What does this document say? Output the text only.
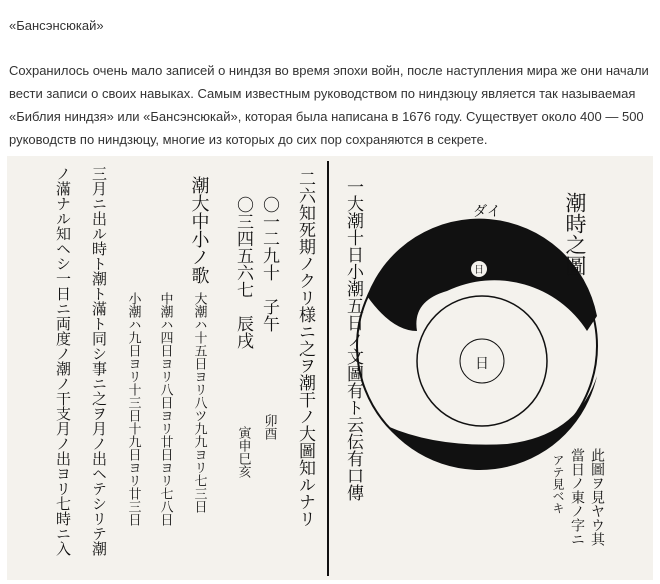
«Бансэнсюкай»
Сохранилось очень мало записей о ниндзя во время эпохи войн, после наступления мира же они начали вести записи о своих навыках. Самым известным руководством по ниндзюцу является так называемая «Библия ниндзя» или «Бансэнсюкай», которая была написана в 1676 году. Существует около 400 — 500 руководств по ниндзюцу, многие из которых до сих пор сохраняются в секрете.
日
日
ダイ	潮時之圖
一大潮十日小潮五日ノ文圖有ト云伝有口傳	此圖ヲ見ヤウ其
當日ノ東ノ字ニ
アテ見ベキ
二六知死期ノクリ様ニ之ヲ潮干ノ大圖知ルナリ
〇一二九十　子午
卯酉
〇三四五六七　辰戌
寅申巳亥
潮大中小ノ歌
大潮ハ十五日ヨリ八ツ九九ヨリ七三日
中潮ハ四日ヨリ八日ヨリ廿日ヨリ七八日
小潮ハ九日ヨリ十三日十九日ヨリ廿三日
三月ニ出ル時ト潮ト滿ト同シ事ニ之ヲ月ノ出ヘテシリテ潮
ノ滿ナル知ヘシ一日ニ両度ノ潮ノ干支月ノ出ヨリ七時ニ入
